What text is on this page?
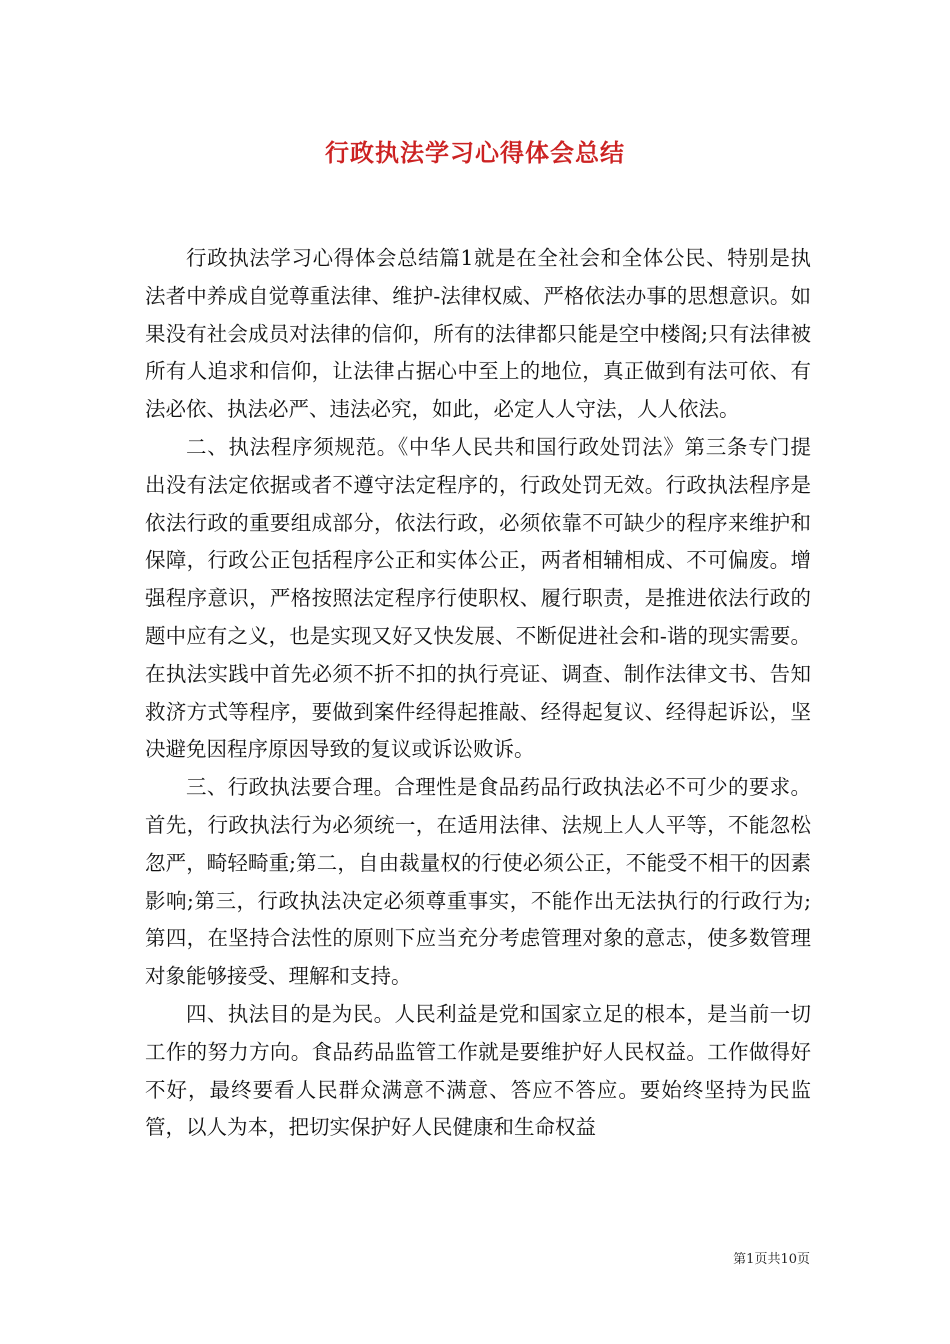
行政执法学习心得体会总结

行政执法学习心得体会总结篇1就是在全社会和全体公民、特别是执法者中养成自觉尊重法律、维护-法律权威、严格依法办事的思想意识。如果没有社会成员对法律的信仰，所有的法律都只能是空中楼阁;只有法律被所有人追求和信仰，让法律占据心中至上的地位，真正做到有法可依、有法必依、执法必严、违法必究，如此，必定人人守法，人人依法。

二、执法程序须规范。《中华人民共和国行政处罚法》第三条专门提出没有法定依据或者不遵守法定程序的，行政处罚无效。行政执法程序是依法行政的重要组成部分，依法行政，必须依靠不可缺少的程序来维护和保障，行政公正包括程序公正和实体公正，两者相辅相成、不可偏废。增强程序意识，严格按照法定程序行使职权、履行职责，是推进依法行政的题中应有之义，也是实现又好又快发展、不断促进社会和-谐的现实需要。在执法实践中首先必须不折不扣的执行亮证、调查、制作法律文书、告知救济方式等程序，要做到案件经得起推敲、经得起复议、经得起诉讼，坚决避免因程序原因导致的复议或诉讼败诉。

三、行政执法要合理。合理性是食品药品行政执法必不可少的要求。首先，行政执法行为必须统一，在适用法律、法规上人人平等，不能忽松忽严，畸轻畸重;第二，自由裁量权的行使必须公正，不能受不相干的因素影响;第三，行政执法决定必须尊重事实，不能作出无法执行的行政行为;第四，在坚持合法性的原则下应当充分考虑管理对象的意志，使多数管理对象能够接受、理解和支持。

四、执法目的是为民。人民利益是党和国家立足的根本，是当前一切工作的努力方向。食品药品监管工作就是要维护好人民权益。工作做得好不好，最终要看人民群众满意不满意、答应不答应。要始终坚持为民监管，以人为本，把切实保护好人民健康和生命权益

第1页共10页
